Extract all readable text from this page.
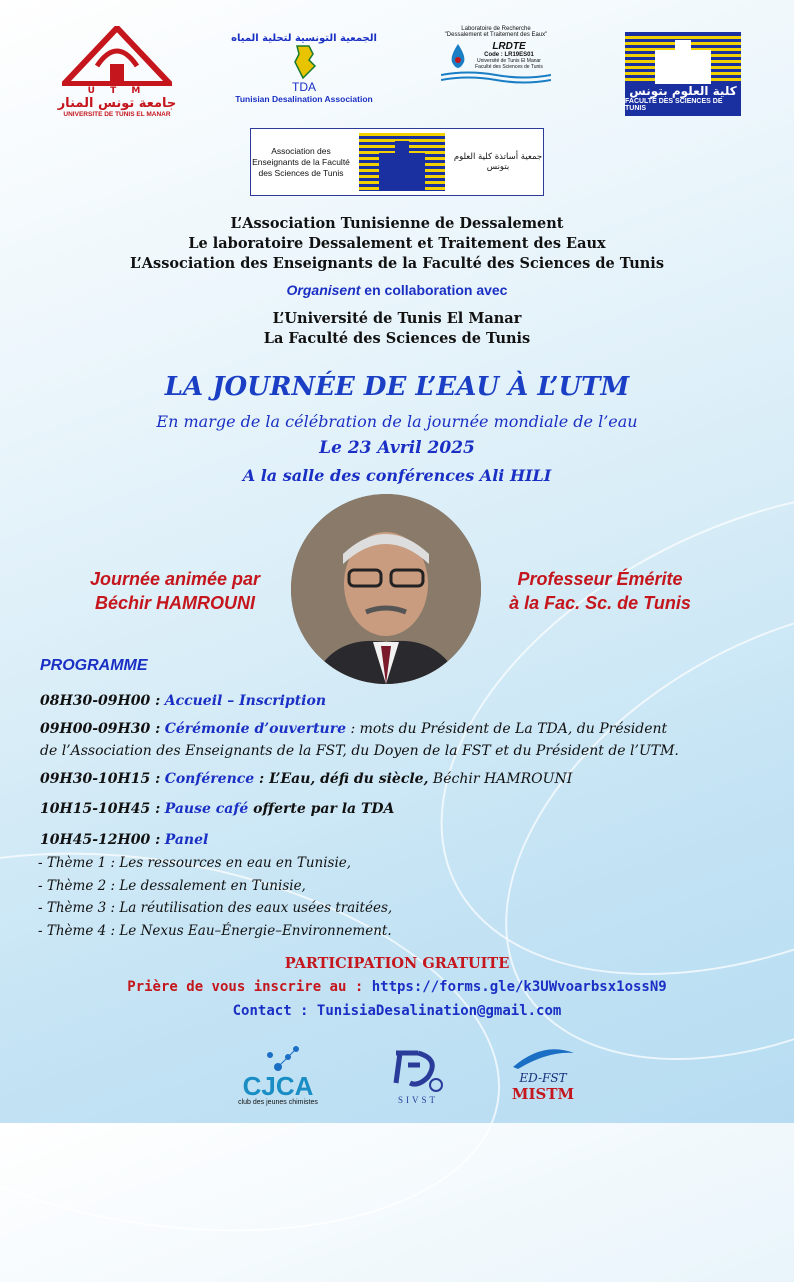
U T M
جامعة تونس المنار
UNIVERSITE DE TUNIS EL MANAR
الجمعية التونسية لتحلية المياه
TDA
Tunisian Desalination Association
Laboratoire de Recherche
"Dessalement et Traitement des Eaux"
LRDTE
Code : LR19ES01
Université de Tunis El Manar
Faculté des Sciences de Tunis
كلية العلوم بتونس
FACULTE DES SCIENCES DE TUNIS
Association des Enseignants de la Faculté des Sciences de Tunis
جمعية أساتذة كلية العلوم بتونس
L’Association Tunisienne de Dessalement
Le laboratoire Dessalement et Traitement des Eaux
L’Association des Enseignants de la Faculté des Sciences de Tunis
Organisent en collaboration avec
L’Université de Tunis El Manar
La Faculté des Sciences de Tunis
LA JOURNÉE DE L’EAU À L’UTM
En marge de la célébration de la journée mondiale de l’eau
Le 23 Avril 2025
A la salle des conférences Ali HILI
Journée animée par
Béchir HAMROUNI
Professeur Émérite
à la Fac. Sc. de Tunis
PROGRAMME
08H30-09H00 : Accueil – Inscription
09H00-09H30 : Cérémonie d’ouverture : mots du Président de La TDA, du Président
de l’Association des Enseignants de la FST, du Doyen de la FST et du Président de l’UTM.
09H30-10H15 : Conférence : L’Eau, défi du siècle, Béchir HAMROUNI
10H15-10H45 : Pause café offerte par la TDA
10H45-12H00 : Panel
- Thème 1 : Les ressources en eau en Tunisie,
- Thème 2 : Le dessalement en Tunisie,
- Thème 3 : La réutilisation des eaux usées traitées,
- Thème 4 : Le Nexus Eau–Énergie–Environnement.
PARTICIPATION GRATUITE
Prière de vous inscrire au : https://forms.gle/k3UWvoarbsx1ossN9
Contact : TunisiaDesalination@gmail.com
CJCA
club des jeunes chimistes	SIVST
ED-FST
MISTM
